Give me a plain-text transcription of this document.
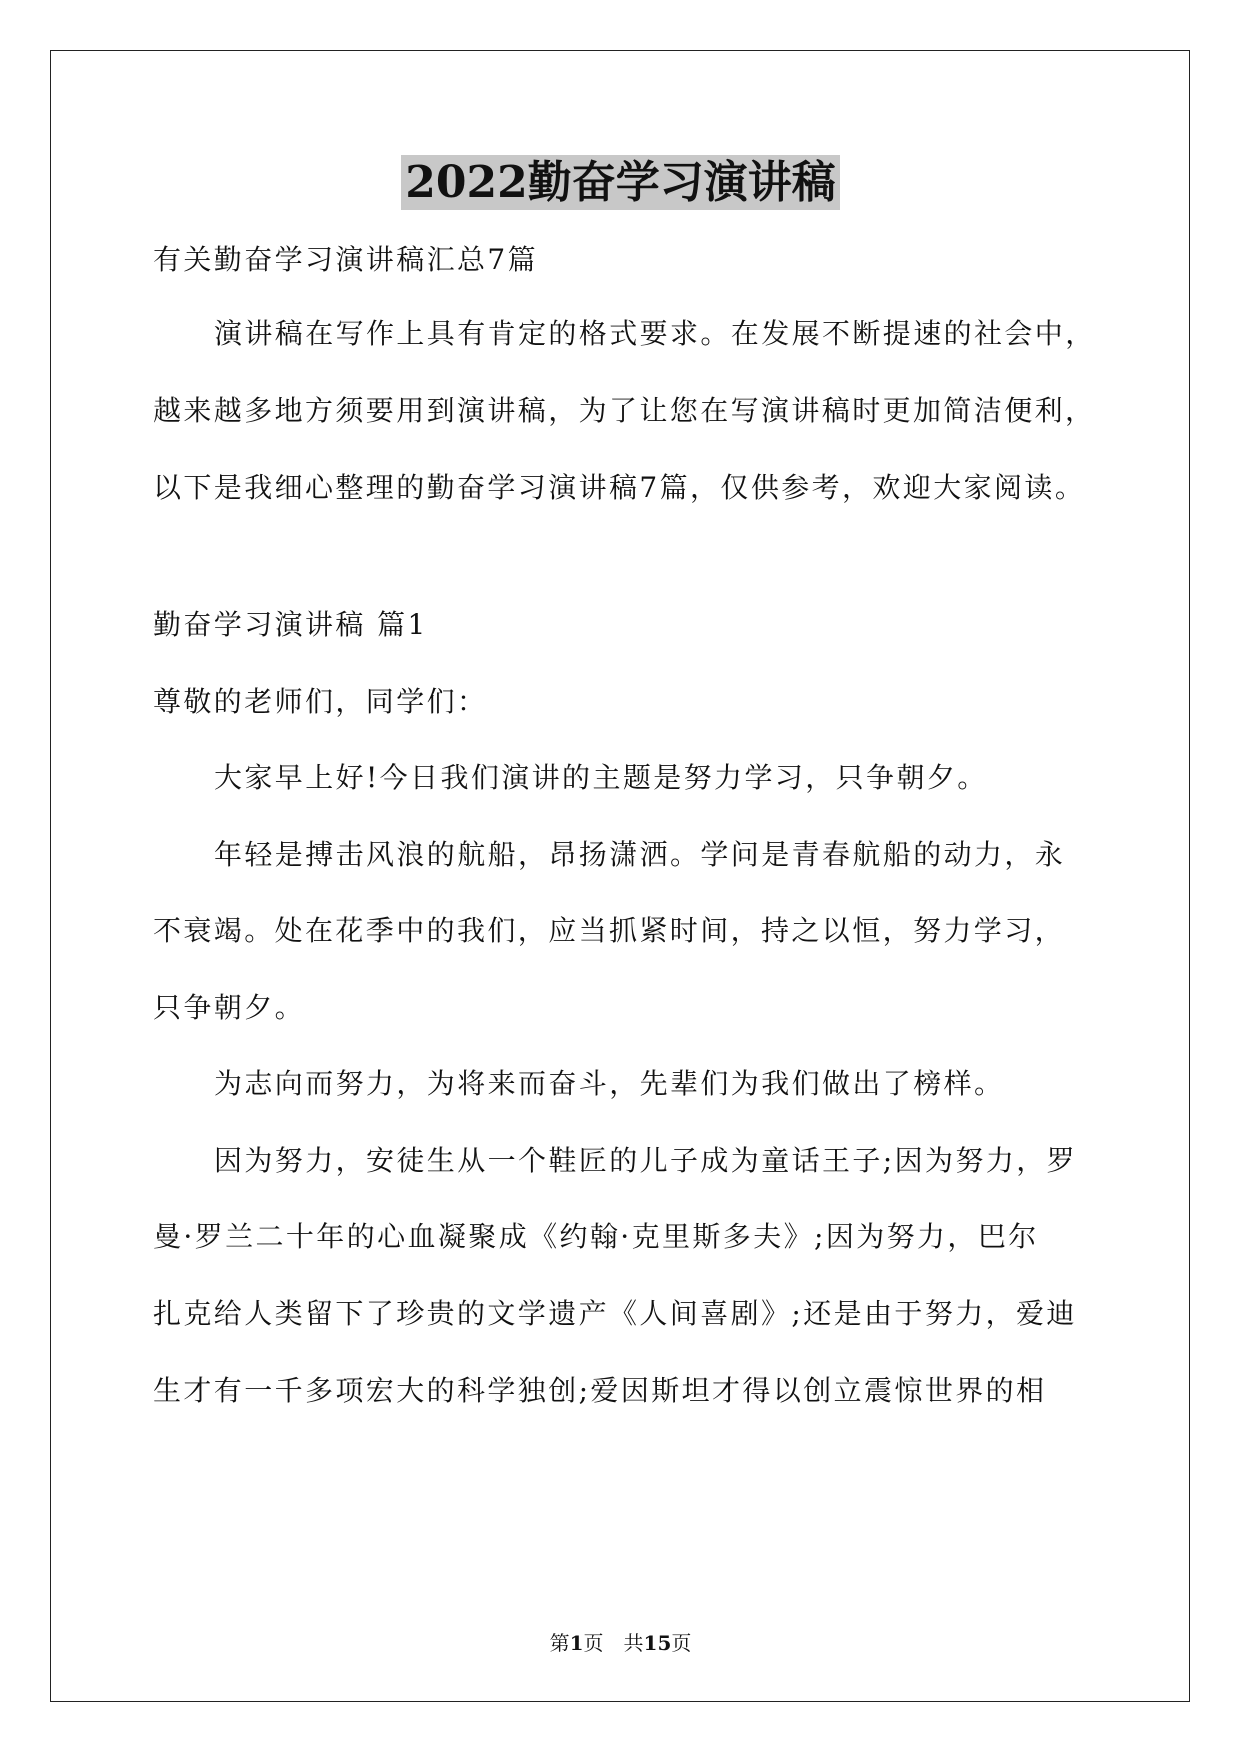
2022勤奋学习演讲稿
有关勤奋学习演讲稿汇总7篇
演讲稿在写作上具有肯定的格式要求。在发展不断提速的社会中，
越来越多地方须要用到演讲稿，为了让您在写演讲稿时更加简洁便利，
以下是我细心整理的勤奋学习演讲稿7篇，仅供参考，欢迎大家阅读。
勤奋学习演讲稿 篇1
尊敬的老师们，同学们：
大家早上好!今日我们演讲的主题是努力学习，只争朝夕。
年轻是搏击风浪的航船，昂扬潇洒。学问是青春航船的动力，永
不衰竭。处在花季中的我们，应当抓紧时间，持之以恒，努力学习，
只争朝夕。
为志向而努力，为将来而奋斗，先辈们为我们做出了榜样。
因为努力，安徒生从一个鞋匠的儿子成为童话王子;因为努力，罗
曼·罗兰二十年的心血凝聚成《约翰·克里斯多夫》;因为努力，巴尔
扎克给人类留下了珍贵的文学遗产《人间喜剧》;还是由于努力，爱迪
生才有一千多项宏大的科学独创;爱因斯坦才得以创立震惊世界的相
第1页　共15页
